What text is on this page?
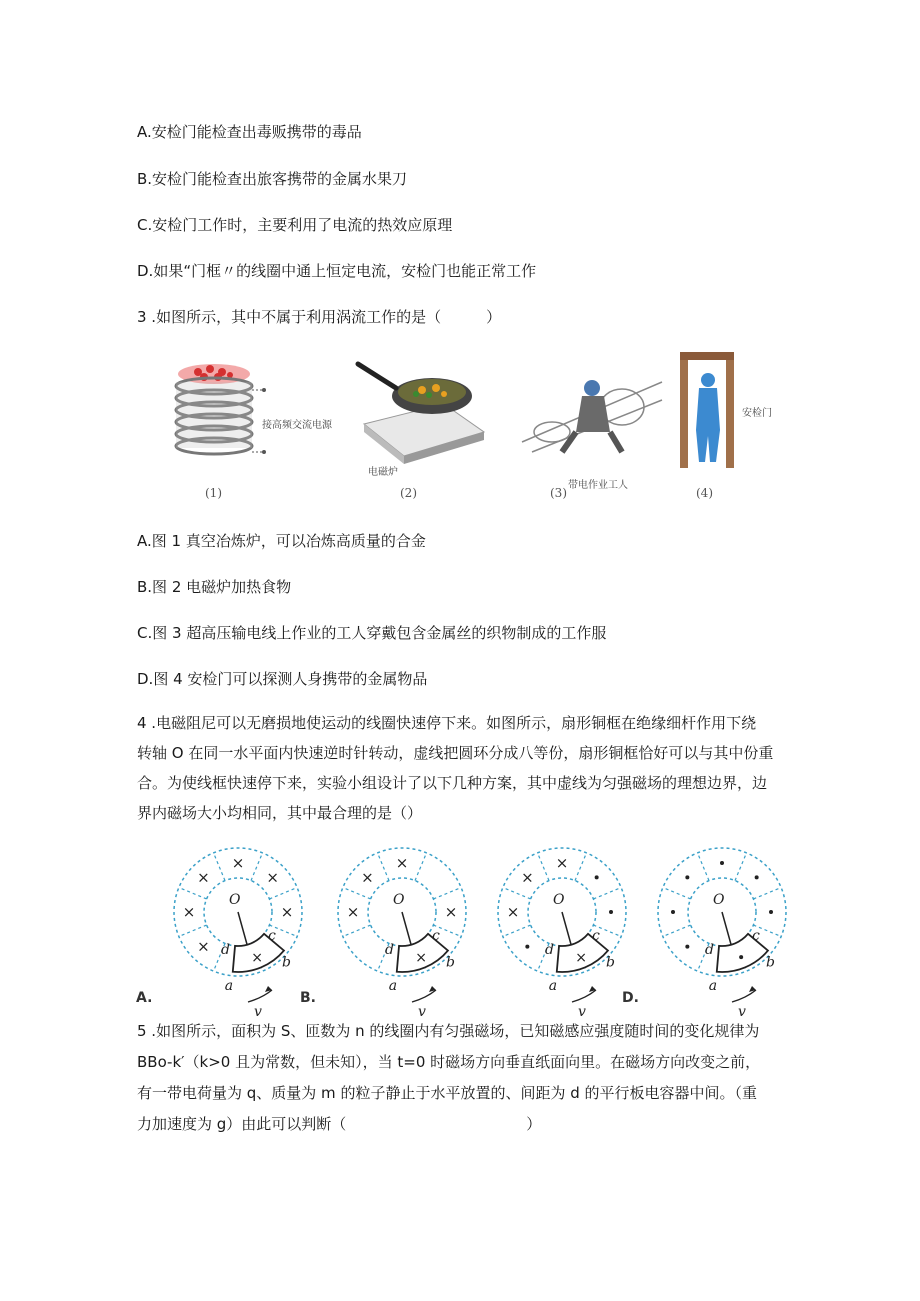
A.安检门能检查出毒贩携带的毒品
B.安检门能检查出旅客携带的金属水果刀
C.安检门工作时，主要利用了电流的热效应原理
D.如果“门框〃的线圈中通上恒定电流，安检门也能正常工作
3 .如图所示，其中不属于利用涡流工作的是（　　　）
接高频交流电源
电磁炉
带电作业工人
安检门
(1)	(2)	(3)	(4)
A.图 1 真空冶炼炉，可以冶炼高质量的合金
B.图 2 电磁炉加热食物
C.图 3 超高压输电线上作业的工人穿戴包含金属丝的织物制成的工作服
D.图 4 安检门可以探测人身携带的金属物品
4 .电磁阻尼可以无磨损地使运动的线圈快速停下来。如图所示，扇形铜框在绝缘细杆作用下绕
转轴 O 在同一水平面内快速逆时针转动，虚线把圆环分成八等份，扇形铜框恰好可以与其中份重
合。为使线框快速停下来，实验小组设计了以下几种方案，其中虚线为匀强磁场的理想边界，边
界内磁场大小均相同，其中最合理的是（）
×
×
×
×
×
×
×
O
b
c
d
a
v
×
×
×
×
×
O
b
c
d
a
v
×
×
×
×
O
b
c
d
a
v
O
b
c
d
a
v
A.	B.	D.
5 .如图所示，面积为 S、匝数为 n 的线圈内有匀强磁场，已知磁感应强度随时间的变化规律为
BBo-k′（k>0 且为常数，但未知），当 t=0 时磁场方向垂直纸面向里。在磁场方向改变之前，
有一带电荷量为 q、质量为 m 的粒子静止于水平放置的、间距为 d 的平行板电容器中间。（重
力加速度为 g）由此可以判断（　　　　　　　　　　　　）
